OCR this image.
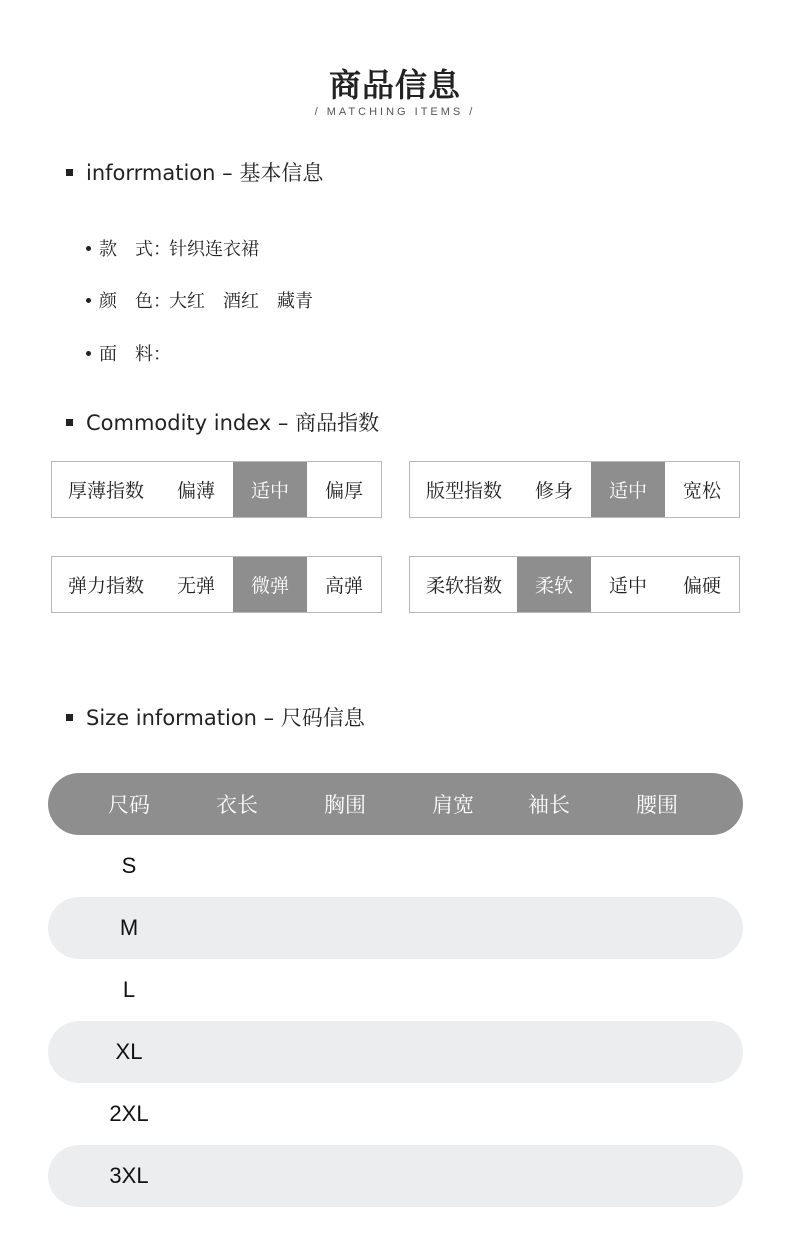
商品信息
/ MATCHING ITEMS /
inforrmation – 基本信息
款　式：
针织连衣裙
颜　色：
大红　酒红　藏青
面　料：
Commodity index – 商品指数
厚薄指数	偏薄	适中	偏厚	版型指数	修身	适中	宽松
弹力指数	无弹	微弹	高弹	柔软指数	柔软	适中	偏硬
Size information – 尺码信息
尺码	衣长	胸围	肩宽	袖长	腰围
S
M
L
XL
2XL
3XL
